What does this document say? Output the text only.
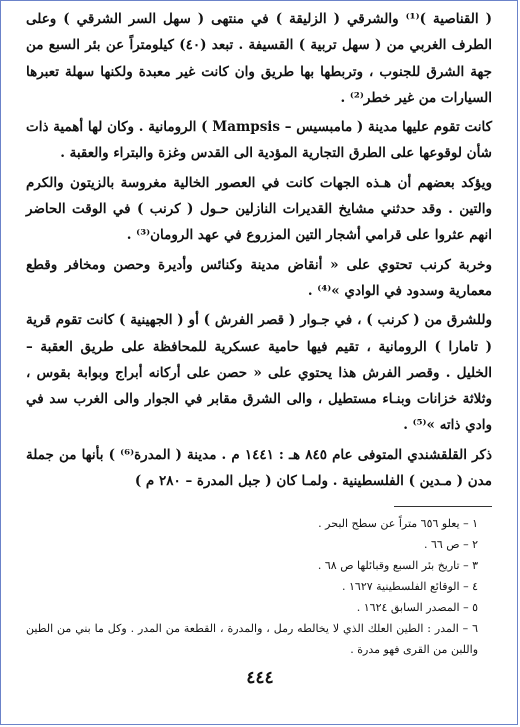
( القناصية )⁽¹⁾ والشرقي ( الزليقة ) في منتهى ( سهل السر الشرقي ) وعلى الطرف الغربي من ( سهل تربية ) القسيفة . تبعد (٤٠) كيلومتراً عن بئر السبع من جهة الشرق للجنوب ، وتربطها بها طريق وان كانت غير معبدة ولكنها سهلة تعبرها السيارات من غير خطر⁽²⁾ .

كانت تقوم عليها مدينة ( مامبسيس – Mampsis ) الرومانية . وكان لها أهمية ذات شأن لوقوعها على الطرق التجارية المؤدية الى القدس وغزة والبتراء والعقبة .

ويؤكد بعضهم أن هـذه الجهات كانت في العصور الخالية مغروسة بالزيتون والكرم والتين . وقد حدثني مشايخ القديرات النازلين حـول ( كرنب ) في الوقت الحاضر انهم عثروا على قرامي أشجار التين المزروع في عهد الرومان⁽³⁾ .

وخربة كرنب تحتوي على « أنقاض مدينة وكنائس وأديرة وحصن ومخافر وقطع معمارية وسدود في الوادي »⁽⁴⁾ .

وللشرق من ( كرنب ) ، في جـوار ( قصر الفرش ) أو ( الجهينية ) كانت تقوم قرية ( تامارا ) الرومانية ، تقيم فيها حامية عسكرية للمحافظة على طريق العقبة – الخليل . وقصر الفرش هذا يحتوي على « حصن على أركانه أبراج وبوابة بقوس ، وثلاثة خزانات وبنـاء مستطيل ، والى الشرق مقابر في الجوار والى الغرب سد في وادي ذاته »⁽⁵⁾ .

ذكر القلقشندي المتوفى عام ٨٤٥ هـ : ١٤٤١ م . مدينة ( المدرة⁽⁶⁾ ) بأنها من جملة مدن ( مـدين ) الفلسطينية . ولمـا كان ( جبل المدرة – ٢٨٠ م )

١ – يعلو ٦٥٦ متراً عن سطح البحر .
٢ – ص ٦٦ .
٣ – تاريخ بئر السبع وقبائلها ص ٦٨ .
٤ – الوقائع الفلسطينية ١٦٢٧ .
٥ – المصدر السابق ١٦٢٤ .
٦ – المدر : الطين العلك الذي لا يخالطه رمل ، والمدرة ، القطعة من المدر . وكل ما بني من الطين واللبن من القرى فهو مدرة .
٤٤٤
